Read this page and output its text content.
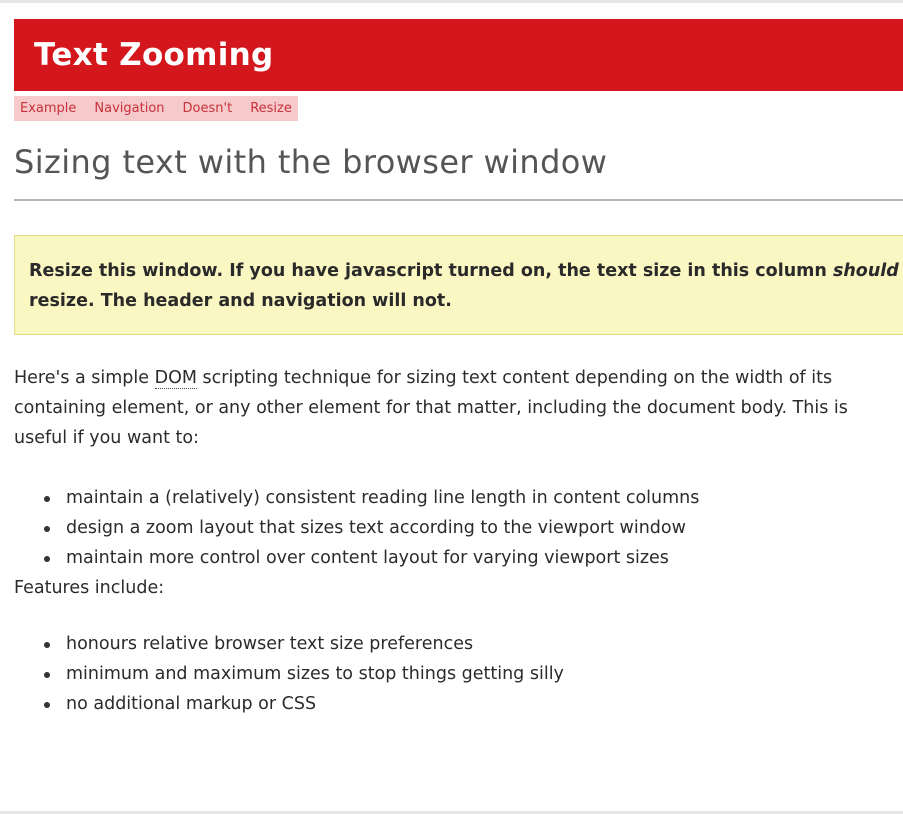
Text Zooming
Example Navigation Doesn't Resize
Sizing text with the browser window
Resize this window. If you have javascript turned on, the text size in this column should resize. The header and navigation will not.

Here's a simple DOM scripting technique for sizing text content depending on the width of its containing element, or any other element for that matter, including the document body. This is useful if you want to:

maintain a (relatively) consistent reading line length in content columns
design a zoom layout that sizes text according to the viewport window
maintain more control over content layout for varying viewport sizes

Features include:

honours relative browser text size preferences
minimum and maximum sizes to stop things getting silly
no additional markup or CSS
